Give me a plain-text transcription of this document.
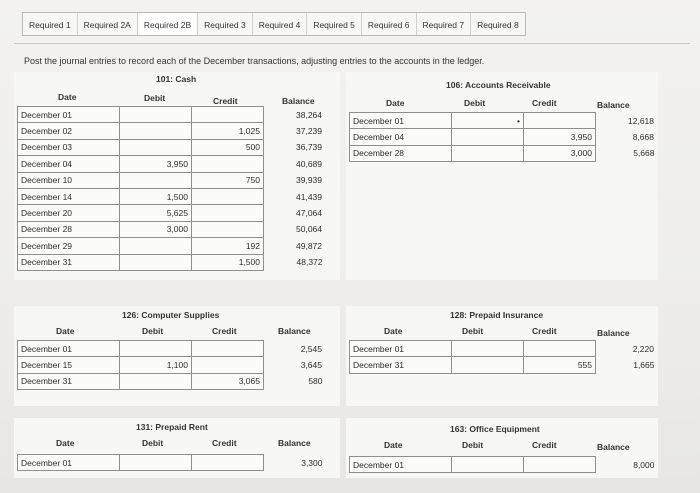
Required 1	Required 2A	Required 2B	Required 3	Required 4	Required 5	Required 6	Required 7	Required 8
Post the journal entries to record each of the December transactions, adjusting entries to the accounts in the ledger.
101: Cash
Date	Debit	Credit	Balance
December 01			38,264
December 02		1,025	37,239
December 03		500	36,739
December 04	3,950		40,689
December 10		750	39,939
December 14	1,500		41,439
December 20	5,625		47,064
December 28	3,000		50,064
December 29		192	49,872
December 31		1,500	48,372
106: Accounts Receivable
Date	Debit	Credit	Balance
December 01	•		12,618
December 04		3,950	8,668
December 28		3,000	5,668
126: Computer Supplies
Date	Debit	Credit	Balance
December 01			2,545
December 15	1,100		3,645
December 31		3,065	580
128: Prepaid Insurance
Date	Debit	Credit	Balance
December 01			2,220
December 31		555	1,665
131: Prepaid Rent
Date	Debit	Credit	Balance
December 01			3,300
163: Office Equipment
Date	Debit	Credit	Balance
December 01			8,000
